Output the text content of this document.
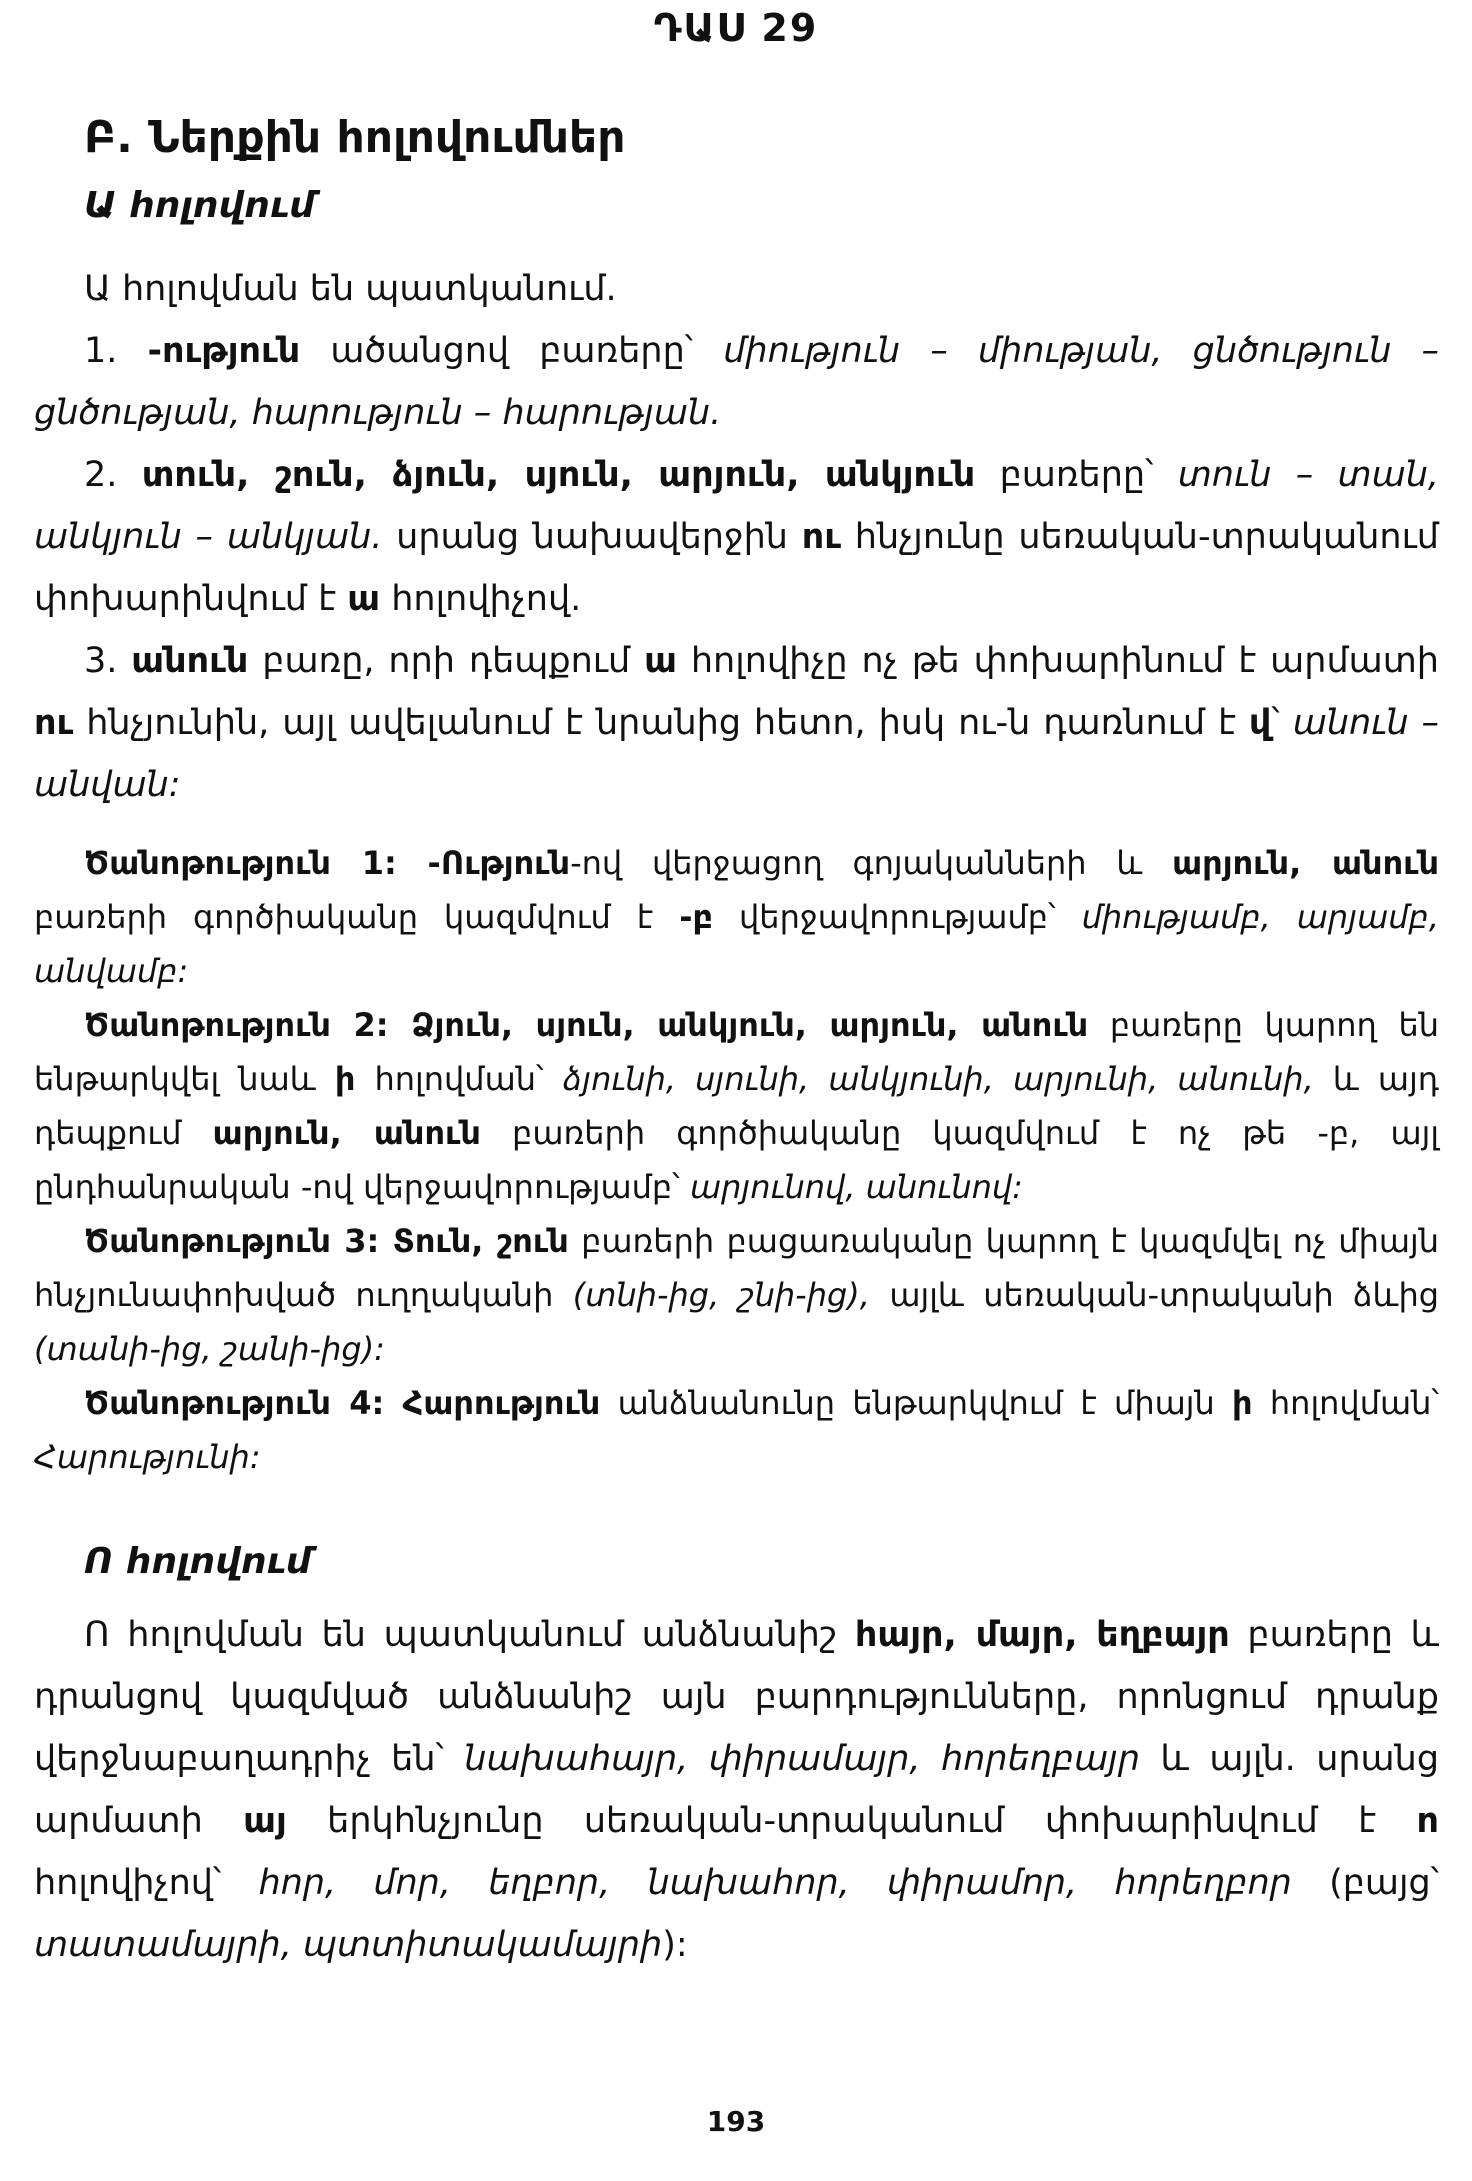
ԴԱՍ 29
Բ. Ներքին հոլովումներ
Ա հոլովում

Ա հոլովման են պատկանում.

1. -ություն ածանցով բառերը՝ միություն – միության, ցնծություն – ցնծության, հարություն – հարության.

2. տուն, շուն, ձյուն, սյուն, արյուն, անկյուն բառերը՝ տուն – տան, անկյուն – անկյան. սրանց նախավերջին ու հնչյունը սեռական-տրականում փոխարինվում է ա հոլովիչով.

3. անուն բառը, որի դեպքում ա հոլովիչը ոչ թե փոխարինում է արմատի ու հնչյունին, այլ ավելանում է նրանից հետո, իսկ ու-ն դառնում է վ՝ անուն – անվան:

Ծանոթություն 1: -Ություն-ով վերջացող գոյականների և արյուն, անուն բառերի գործիականը կազմվում է -բ վերջավորությամբ՝ միությամբ, արյամբ, անվամբ:

Ծանոթություն 2: Ձյուն, սյուն, անկյուն, արյուն, անուն բառերը կարող են ենթարկվել նաև ի հոլովման՝ ձյունի, սյունի, անկյունի, արյունի, անունի, և այդ դեպքում արյուն, անուն բառերի գործիականը կազմվում է ոչ թե -բ, այլ ընդհանրական -ով վերջավորությամբ՝ արյունով, անունով:

Ծանոթություն 3: Տուն, շուն բառերի բացառականը կարող է կազմվել ոչ միայն հնչյունափոխված ուղղականի (տնի-ից, շնի-ից), այլև սեռական-տրականի ձևից (տանի-ից, շանի-ից):

Ծանոթություն 4: Հարություն անձնանունը ենթարկվում է միայն ի հոլովման՝ Հարությունի:

Ո հոլովում

Ո հոլովման են պատկանում անձնանիշ հայր, մայր, եղբայր բառերը և դրանցով կազմված անձնանիշ այն բարդությունները, որոնցում դրանք վերջնաբաղադրիչ են՝ նախահայր, փիրամայր, հորեղբայր և այլն. սրանց արմատի այ երկհնչյունը սեռական-տրականում փոխարինվում է ո հոլովիչով՝ հոր, մոր, եղբոր, նախահոր, փիրամոր, հորեղբոր (բայց՝ տատամայրի, պտտիտակամայրի):

193
